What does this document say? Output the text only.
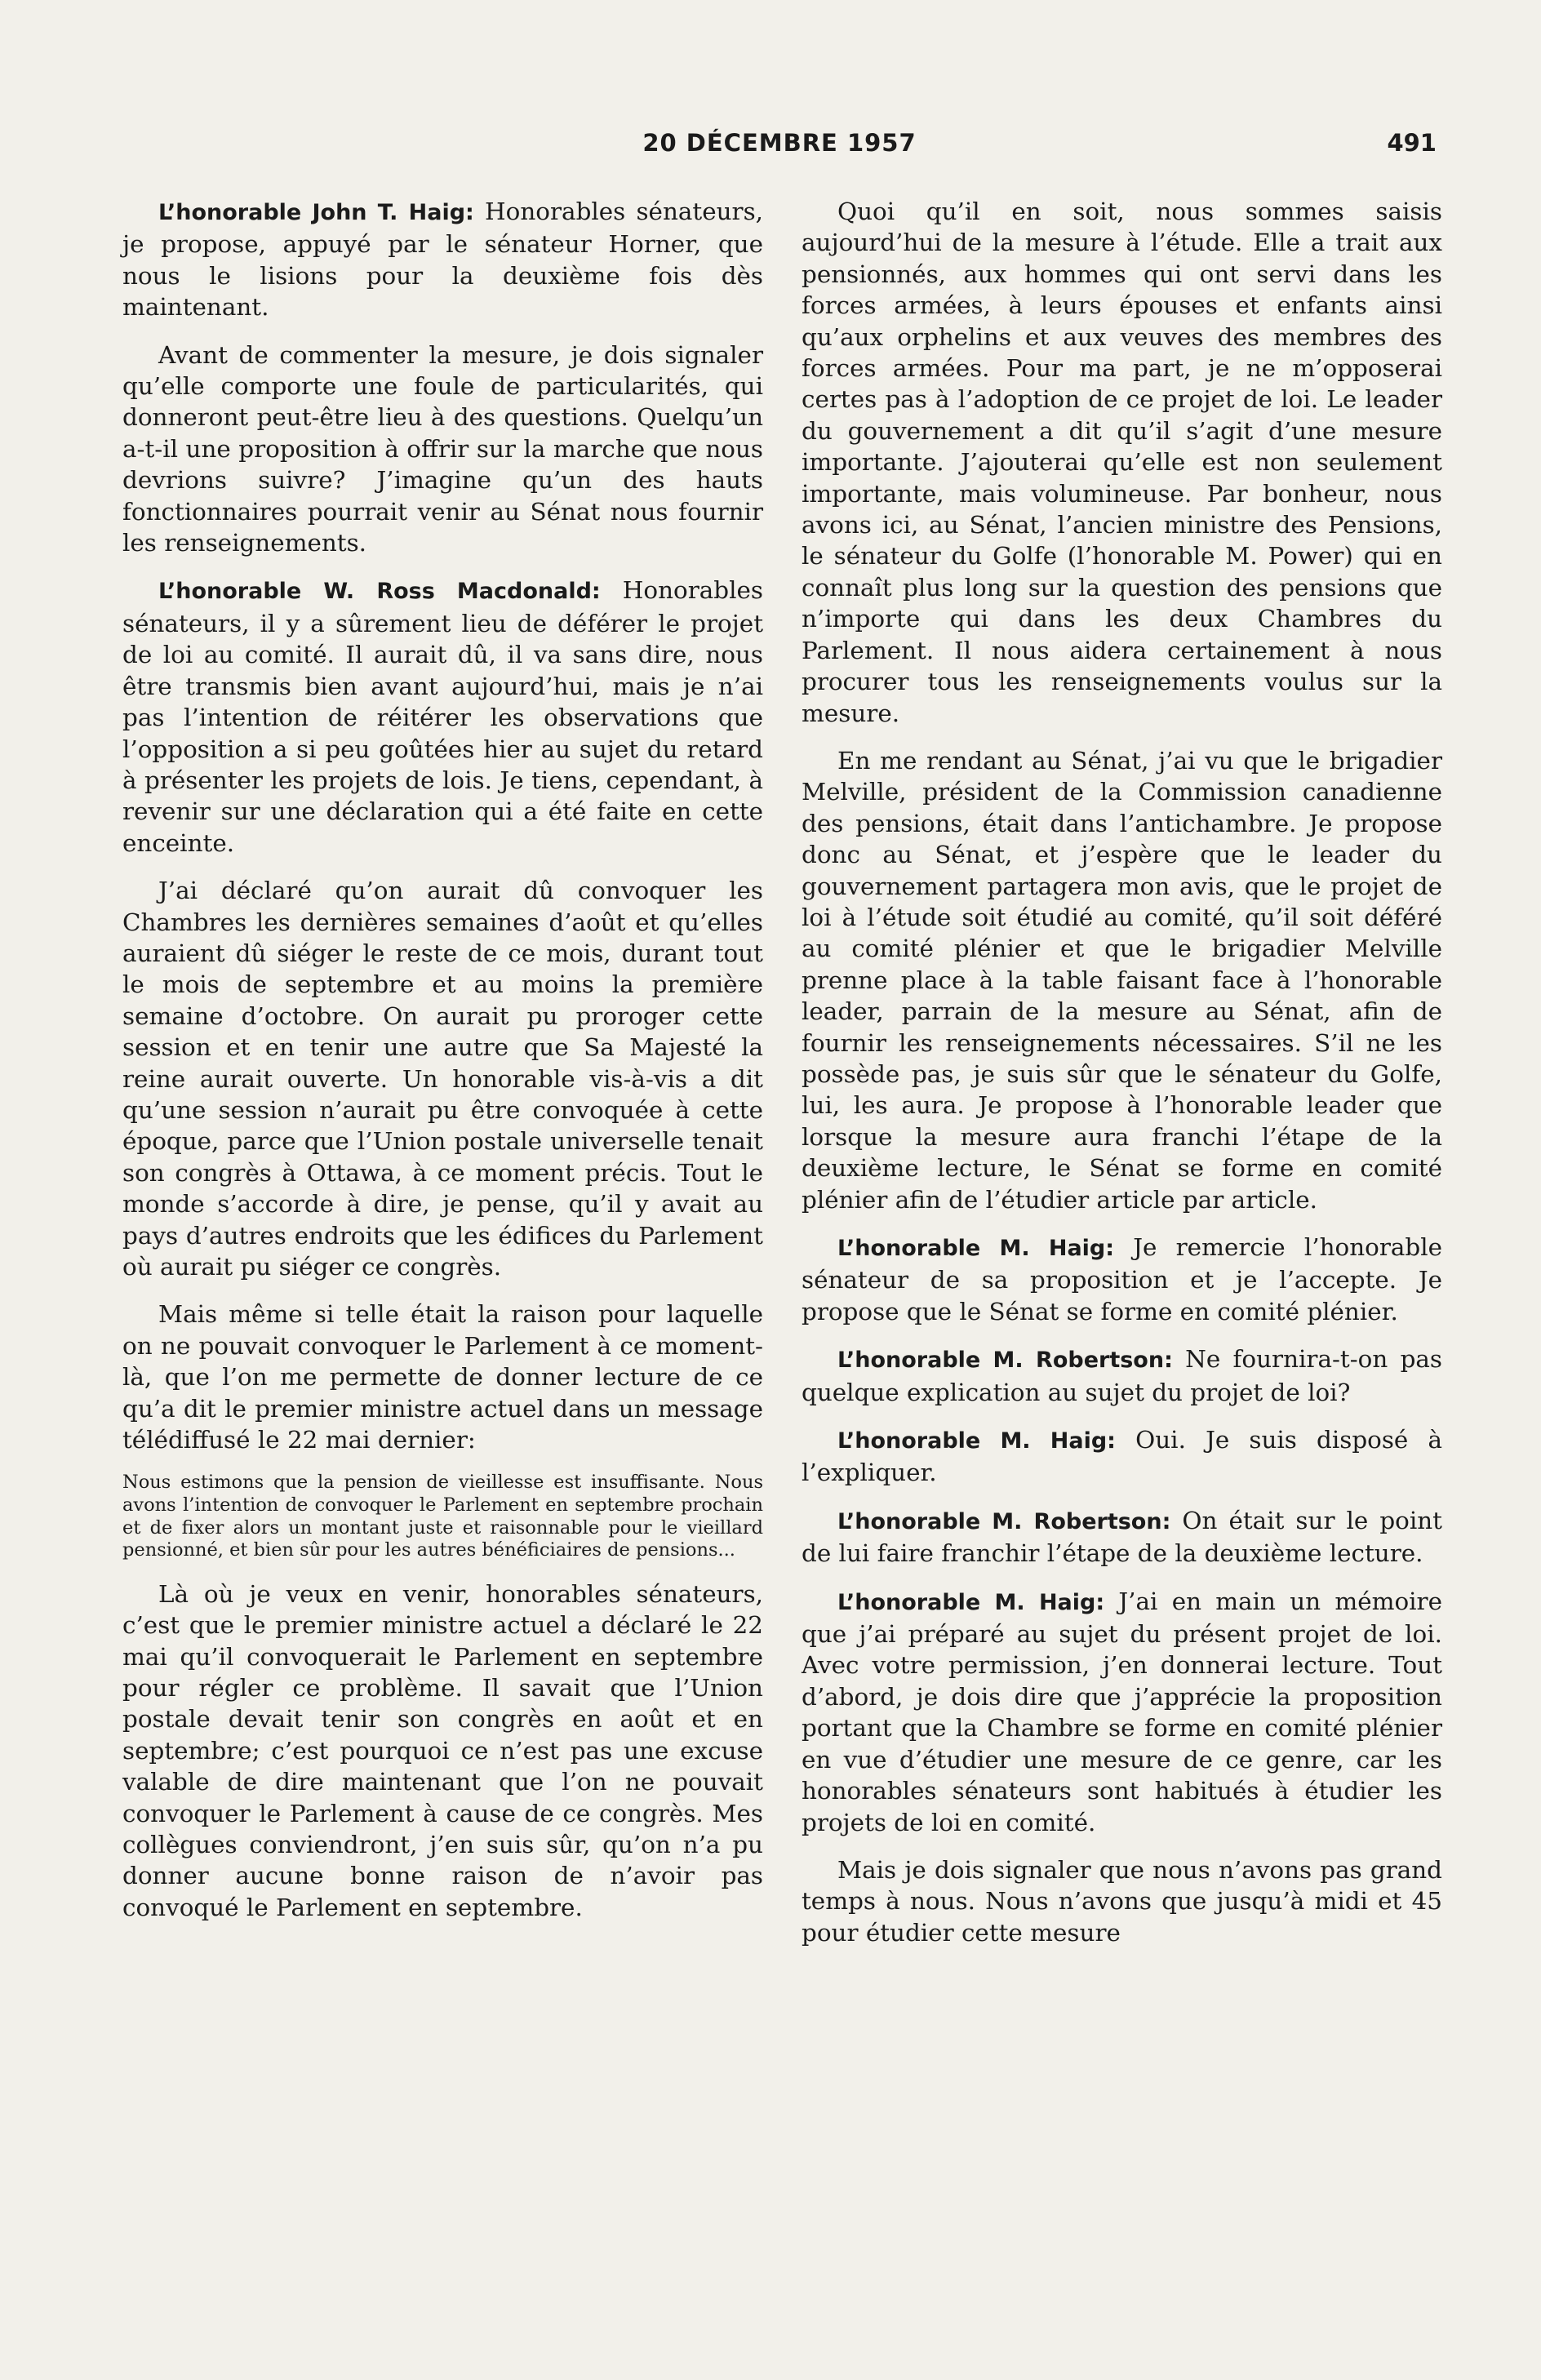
20 DÉCEMBRE 1957	491

L’honorable John T. Haig: Honorables sénateurs, je propose, appuyé par le sénateur Horner, que nous le lisions pour la deuxième fois dès maintenant.

Avant de commenter la mesure, je dois signaler qu’elle comporte une foule de particularités, qui donneront peut-être lieu à des questions. Quelqu’un a-t-il une proposition à offrir sur la marche que nous devrions suivre? J’imagine qu’un des hauts fonctionnaires pourrait venir au Sénat nous fournir les renseignements.

L’honorable W. Ross Macdonald: Honorables sénateurs, il y a sûrement lieu de déférer le projet de loi au comité. Il aurait dû, il va sans dire, nous être transmis bien avant aujourd’hui, mais je n’ai pas l’intention de réitérer les observations que l’opposition a si peu goûtées hier au sujet du retard à présenter les projets de lois. Je tiens, cependant, à revenir sur une déclaration qui a été faite en cette enceinte.

J’ai déclaré qu’on aurait dû convoquer les Chambres les dernières semaines d’août et qu’elles auraient dû siéger le reste de ce mois, durant tout le mois de septembre et au moins la première semaine d’octobre. On aurait pu proroger cette session et en tenir une autre que Sa Majesté la reine aurait ouverte. Un honorable vis-à-vis a dit qu’une session n’aurait pu être convoquée à cette époque, parce que l’Union postale universelle tenait son congrès à Ottawa, à ce moment précis. Tout le monde s’accorde à dire, je pense, qu’il y avait au pays d’autres endroits que les édifices du Parlement où aurait pu siéger ce congrès.

Mais même si telle était la raison pour laquelle on ne pouvait convoquer le Parlement à ce moment-là, que l’on me permette de donner lecture de ce qu’a dit le premier ministre actuel dans un message télédiffusé le 22 mai dernier:

Nous estimons que la pension de vieillesse est insuffisante. Nous avons l’intention de convoquer le Parlement en septembre prochain et de fixer alors un montant juste et raisonnable pour le vieillard pensionné, et bien sûr pour les autres bénéficiaires de pensions...

Là où je veux en venir, honorables sénateurs, c’est que le premier ministre actuel a déclaré le 22 mai qu’il convoquerait le Parlement en septembre pour régler ce problème. Il savait que l’Union postale devait tenir son congrès en août et en septembre; c’est pourquoi ce n’est pas une excuse valable de dire maintenant que l’on ne pouvait convoquer le Parlement à cause de ce congrès. Mes collègues conviendront, j’en suis sûr, qu’on n’a pu donner aucune bonne raison de n’avoir pas convoqué le Parlement en septembre.

Quoi qu’il en soit, nous sommes saisis aujourd’hui de la mesure à l’étude. Elle a trait aux pensionnés, aux hommes qui ont servi dans les forces armées, à leurs épouses et enfants ainsi qu’aux orphelins et aux veuves des membres des forces armées. Pour ma part, je ne m’opposerai certes pas à l’adoption de ce projet de loi. Le leader du gouvernement a dit qu’il s’agit d’une mesure importante. J’ajouterai qu’elle est non seulement importante, mais volumineuse. Par bonheur, nous avons ici, au Sénat, l’ancien ministre des Pensions, le sénateur du Golfe (l’honorable M. Power) qui en connaît plus long sur la question des pensions que n’importe qui dans les deux Chambres du Parlement. Il nous aidera certainement à nous procurer tous les renseignements voulus sur la mesure.

En me rendant au Sénat, j’ai vu que le brigadier Melville, président de la Commission canadienne des pensions, était dans l’antichambre. Je propose donc au Sénat, et j’espère que le leader du gouvernement partagera mon avis, que le projet de loi à l’étude soit étudié au comité, qu’il soit déféré au comité plénier et que le brigadier Melville prenne place à la table faisant face à l’honorable leader, parrain de la mesure au Sénat, afin de fournir les renseignements nécessaires. S’il ne les possède pas, je suis sûr que le sénateur du Golfe, lui, les aura. Je propose à l’honorable leader que lorsque la mesure aura franchi l’étape de la deuxième lecture, le Sénat se forme en comité plénier afin de l’étudier article par article.

L’honorable M. Haig: Je remercie l’honorable sénateur de sa proposition et je l’accepte. Je propose que le Sénat se forme en comité plénier.

L’honorable M. Robertson: Ne fournira-t-on pas quelque explication au sujet du projet de loi?

L’honorable M. Haig: Oui. Je suis disposé à l’expliquer.

L’honorable M. Robertson: On était sur le point de lui faire franchir l’étape de la deuxième lecture.

L’honorable M. Haig: J’ai en main un mémoire que j’ai préparé au sujet du présent projet de loi. Avec votre permission, j’en donnerai lecture. Tout d’abord, je dois dire que j’apprécie la proposition portant que la Chambre se forme en comité plénier en vue d’étudier une mesure de ce genre, car les honorables sénateurs sont habitués à étudier les projets de loi en comité.

Mais je dois signaler que nous n’avons pas grand temps à nous. Nous n’avons que jusqu’à midi et 45 pour étudier cette mesure
